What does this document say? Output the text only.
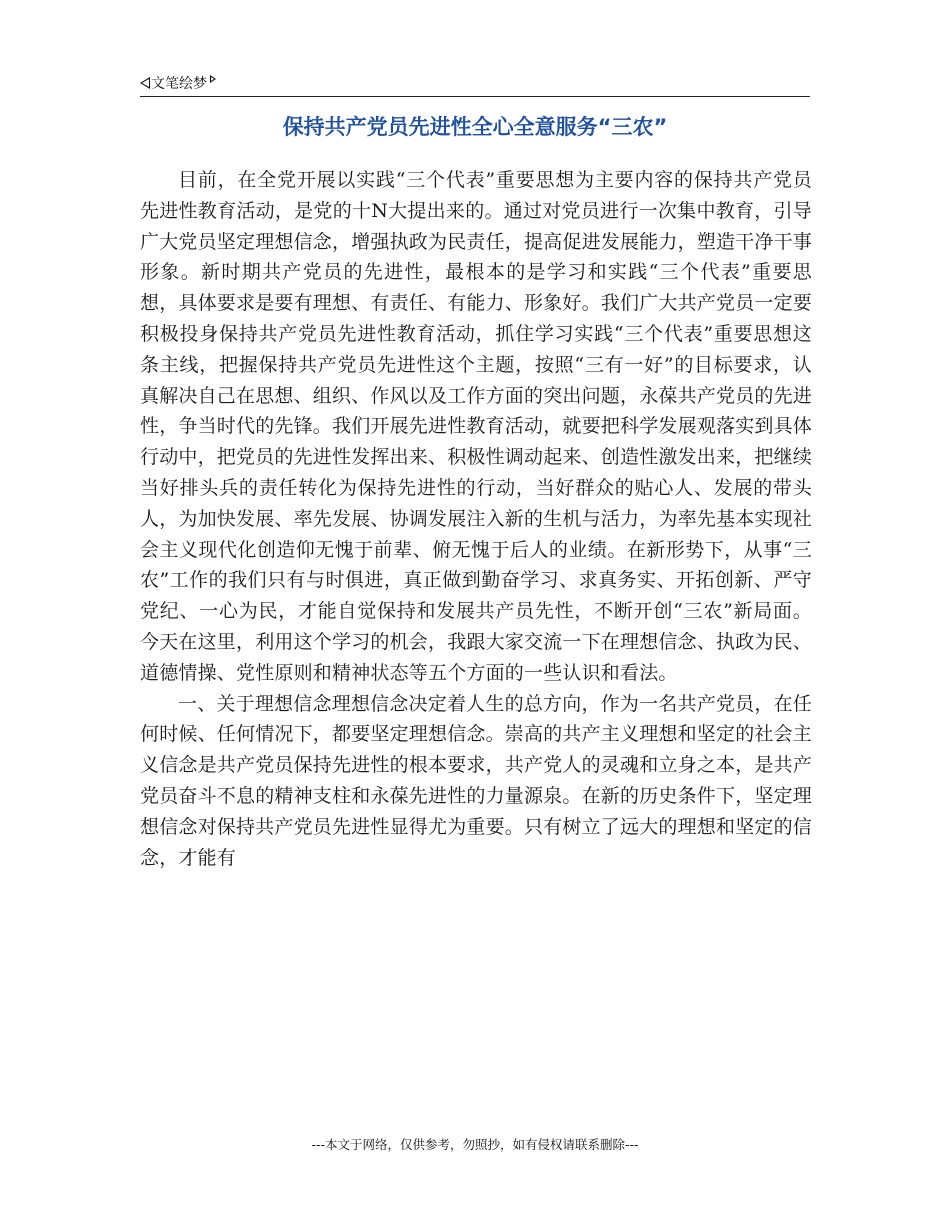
文笔绘梦
保持共产党员先进性全心全意服务“三农”

目前，在全党开展以实践“三个代表”重要思想为主要内容的保持共产党员先进性教育活动，是党的十N大提出来的。通过对党员进行一次集中教育，引导广大党员坚定理想信念，增强执政为民责任，提高促进发展能力，塑造干净干事形象。新时期共产党员的先进性，最根本的是学习和实践“三个代表”重要思想，具体要求是要有理想、有责任、有能力、形象好。我们广大共产党员一定要积极投身保持共产党员先进性教育活动，抓住学习实践“三个代表”重要思想这条主线，把握保持共产党员先进性这个主题，按照“三有一好”的目标要求，认真解决自己在思想、组织、作风以及工作方面的突出问题，永葆共产党员的先进性，争当时代的先锋。我们开展先进性教育活动，就要把科学发展观落实到具体行动中，把党员的先进性发挥出来、积极性调动起来、创造性激发出来，把继续当好排头兵的责任转化为保持先进性的行动，当好群众的贴心人、发展的带头人，为加快发展、率先发展、协调发展注入新的生机与活力，为率先基本实现社会主义现代化创造仰无愧于前辈、俯无愧于后人的业绩。在新形势下，从事“三农”工作的我们只有与时俱进，真正做到勤奋学习、求真务实、开拓创新、严守党纪、一心为民，才能自觉保持和发展共产员先性，不断开创“三农”新局面。今天在这里，利用这个学习的机会，我跟大家交流一下在理想信念、执政为民、道德情操、党性原则和精神状态等五个方面的一些认识和看法。

一、关于理想信念理想信念决定着人生的总方向，作为一名共产党员，在任何时候、任何情况下，都要坚定理想信念。崇高的共产主义理想和坚定的社会主义信念是共产党员保持先进性的根本要求，共产党人的灵魂和立身之本，是共产党员奋斗不息的精神支柱和永葆先进性的力量源泉。在新的历史条件下，坚定理想信念对保持共产党员先进性显得尤为重要。只有树立了远大的理想和坚定的信念，才能有

---本文于网络，仅供参考，勿照抄，如有侵权请联系删除---
